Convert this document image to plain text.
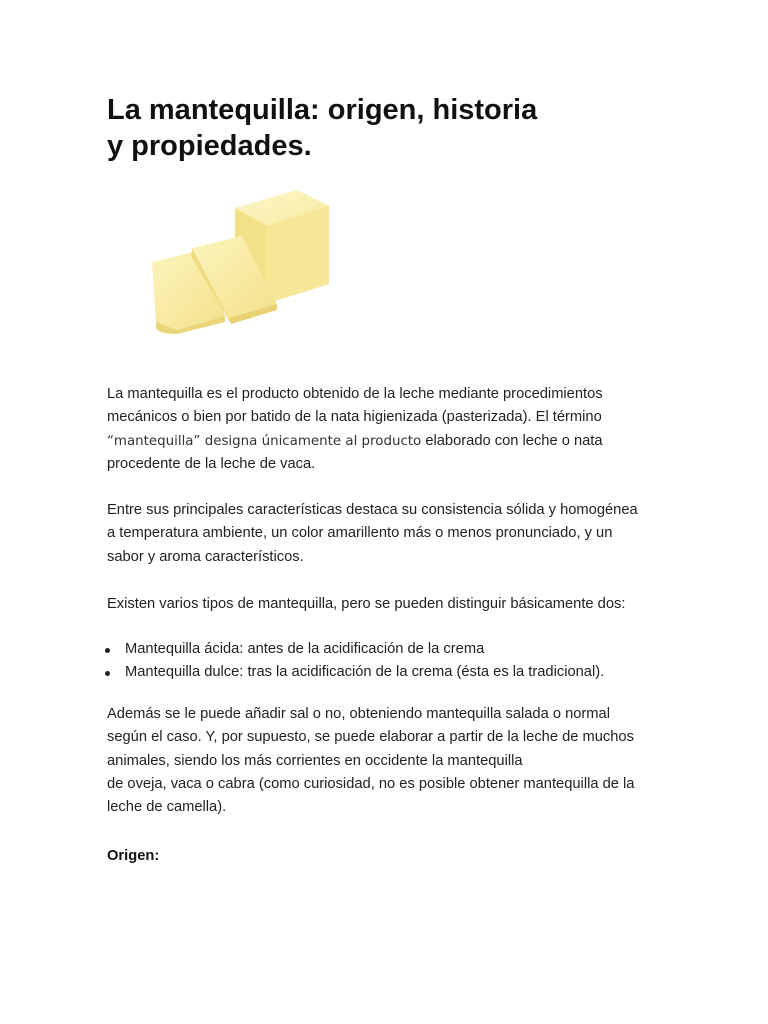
La mantequilla: origen, historia
y propiedades.
La mantequilla es el producto obtenido de la leche mediante procedimientos
mecánicos o bien por batido de la nata higienizada (pasterizada). El término
“mantequilla” designa únicamente al producto elaborado con leche o nata
procedente de la leche de vaca.
Entre sus principales características destaca su consistencia sólida y homogénea
a temperatura ambiente, un color amarillento más o menos pronunciado, y un
sabor y aroma característicos.
Existen varios tipos de mantequilla, pero se pueden distinguir básicamente dos:
Mantequilla ácida: antes de la acidificación de la crema
Mantequilla dulce: tras la acidificación de la crema (ésta es la tradicional).
Además se le puede añadir sal o no, obteniendo mantequilla salada o normal
según el caso. Y, por supuesto, se puede elaborar a partir de la leche de muchos
animales, siendo los más corrientes en occidente la mantequilla
de oveja, vaca o cabra (como curiosidad, no es posible obtener mantequilla de la
leche de camella).
Origen:
